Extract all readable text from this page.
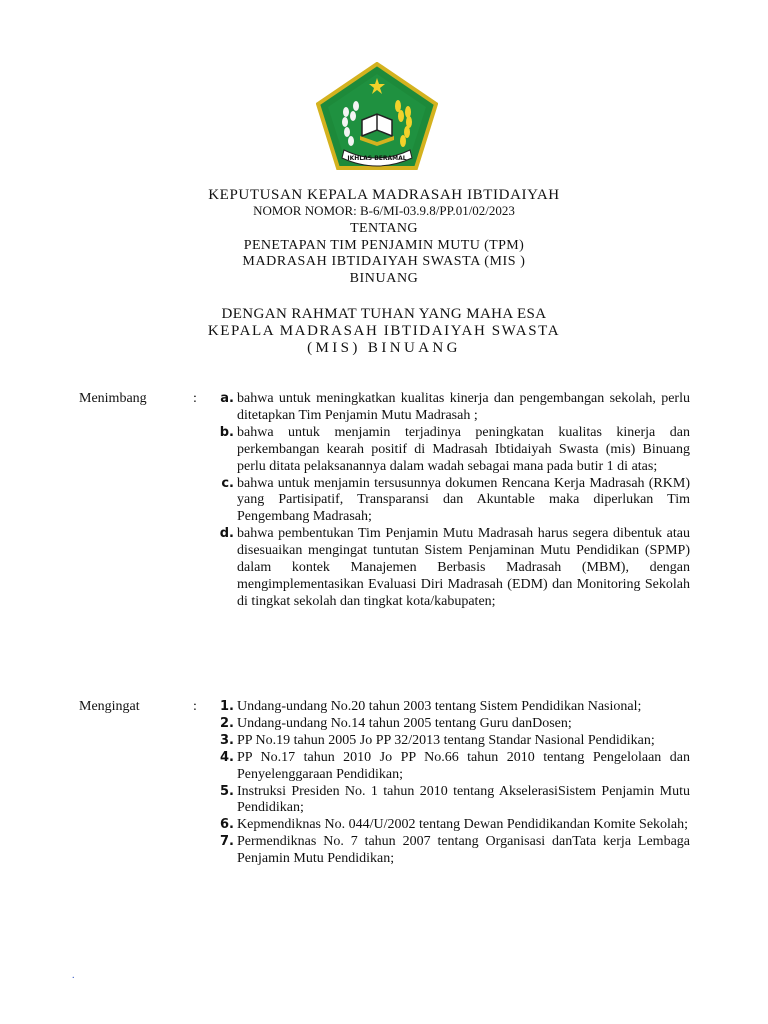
IKHLAS BERAMAL
KEPUTUSAN KEPALA MADRASAH IBTIDAIYAH
NOMOR NOMOR: B-6/MI-03.9.8/PP.01/02/2023
TENTANG
PENETAPAN TIM PENJAMIN MUTU (TPM)
MADRASAH IBTIDAIYAH SWASTA (MIS )
BINUANG
DENGAN RAHMAT TUHAN YANG MAHA ESA
KEPALA MADRASAH IBTIDAIYAH SWASTA
(MIS) BINUANG
Menimbang	:	a. bahwa untuk meningkatkan kualitas kinerja dan pengembangan sekolah, perlu ditetapkan Tim Penjamin Mutu Madrasah ;
b. bahwa untuk menjamin terjadinya peningkatan kualitas kinerja dan perkembangan kearah positif di Madrasah Ibtidaiyah Swasta (mis) Binuang perlu ditata pelaksanannya dalam wadah sebagai mana pada butir 1 di atas;
c. bahwa untuk menjamin tersusunnya dokumen Rencana Kerja Madrasah (RKM) yang Partisipatif, Transparansi dan Akuntable maka diperlukan Tim Pengembang Madrasah;
d. bahwa pembentukan Tim Penjamin Mutu Madrasah harus segera dibentuk atau disesuaikan mengingat tuntutan Sistem Penjaminan Mutu Pendidikan (SPMP) dalam kontek Manajemen Berbasis Madrasah (MBM), dengan mengimplementasikan Evaluasi Diri Madrasah (EDM) dan Monitoring Sekolah di tingkat sekolah dan tingkat kota/kabupaten;
Mengingat	:	1. Undang-undang No.20 tahun 2003 tentang Sistem Pendidikan Nasional;
2. Undang-undang No.14 tahun 2005 tentang Guru danDosen;
3. PP No.19 tahun 2005 Jo PP 32/2013 tentang Standar Nasional Pendidikan;
4. PP No.17 tahun 2010 Jo PP No.66 tahun 2010 tentang Pengelolaan dan Penyelenggaraan Pendidikan;
5. Instruksi Presiden No. 1 tahun 2010 tentang AkselerasiSistem Penjamin Mutu Pendidikan;
6. Kepmendiknas No. 044/U/2002 tentang Dewan Pendidikandan Komite Sekolah;
7. Permendiknas No. 7 tahun 2007 tentang Organisasi danTata kerja Lembaga Penjamin Mutu Pendidikan;
.
